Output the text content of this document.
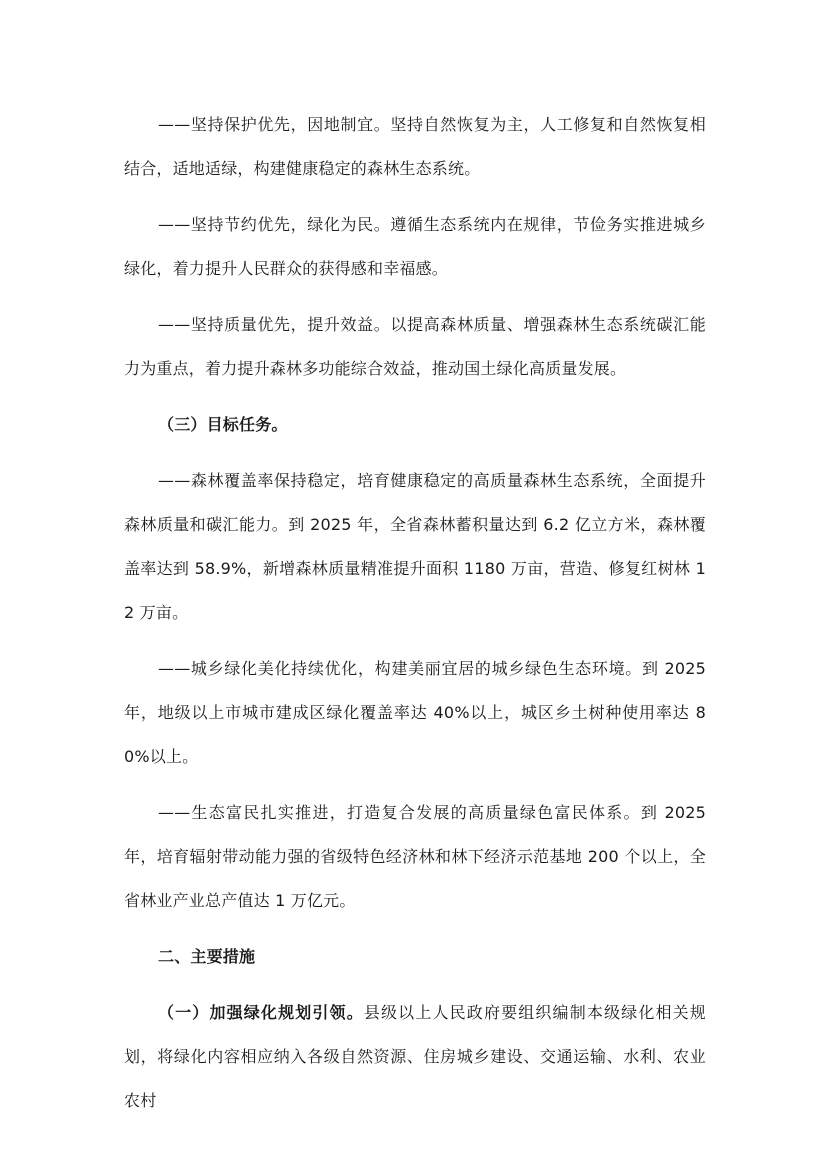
——坚持保护优先，因地制宜。坚持自然恢复为主，人工修复和自然恢复相结合，适地适绿，构建健康稳定的森林生态系统。

——坚持节约优先，绿化为民。遵循生态系统内在规律，节俭务实推进城乡绿化，着力提升人民群众的获得感和幸福感。

——坚持质量优先，提升效益。以提高森林质量、增强森林生态系统碳汇能力为重点，着力提升森林多功能综合效益，推动国土绿化高质量发展。

（三）目标任务。

——森林覆盖率保持稳定，培育健康稳定的高质量森林生态系统，全面提升森林质量和碳汇能力。到 2025 年，全省森林蓄积量达到 6.2 亿立方米，森林覆盖率达到 58.9%，新增森林质量精准提升面积 1180 万亩，营造、修复红树林 12 万亩。

——城乡绿化美化持续优化，构建美丽宜居的城乡绿色生态环境。到 2025 年，地级以上市城市建成区绿化覆盖率达 40%以上，城区乡土树种使用率达 80%以上。

——生态富民扎实推进，打造复合发展的高质量绿色富民体系。到 2025 年，培育辐射带动能力强的省级特色经济林和林下经济示范基地 200 个以上，全省林业产业总产值达 1 万亿元。

二、主要措施

（一）加强绿化规划引领。县级以上人民政府要组织编制本级绿化相关规划，将绿化内容相应纳入各级自然资源、住房城乡建设、交通运输、水利、农业农村
